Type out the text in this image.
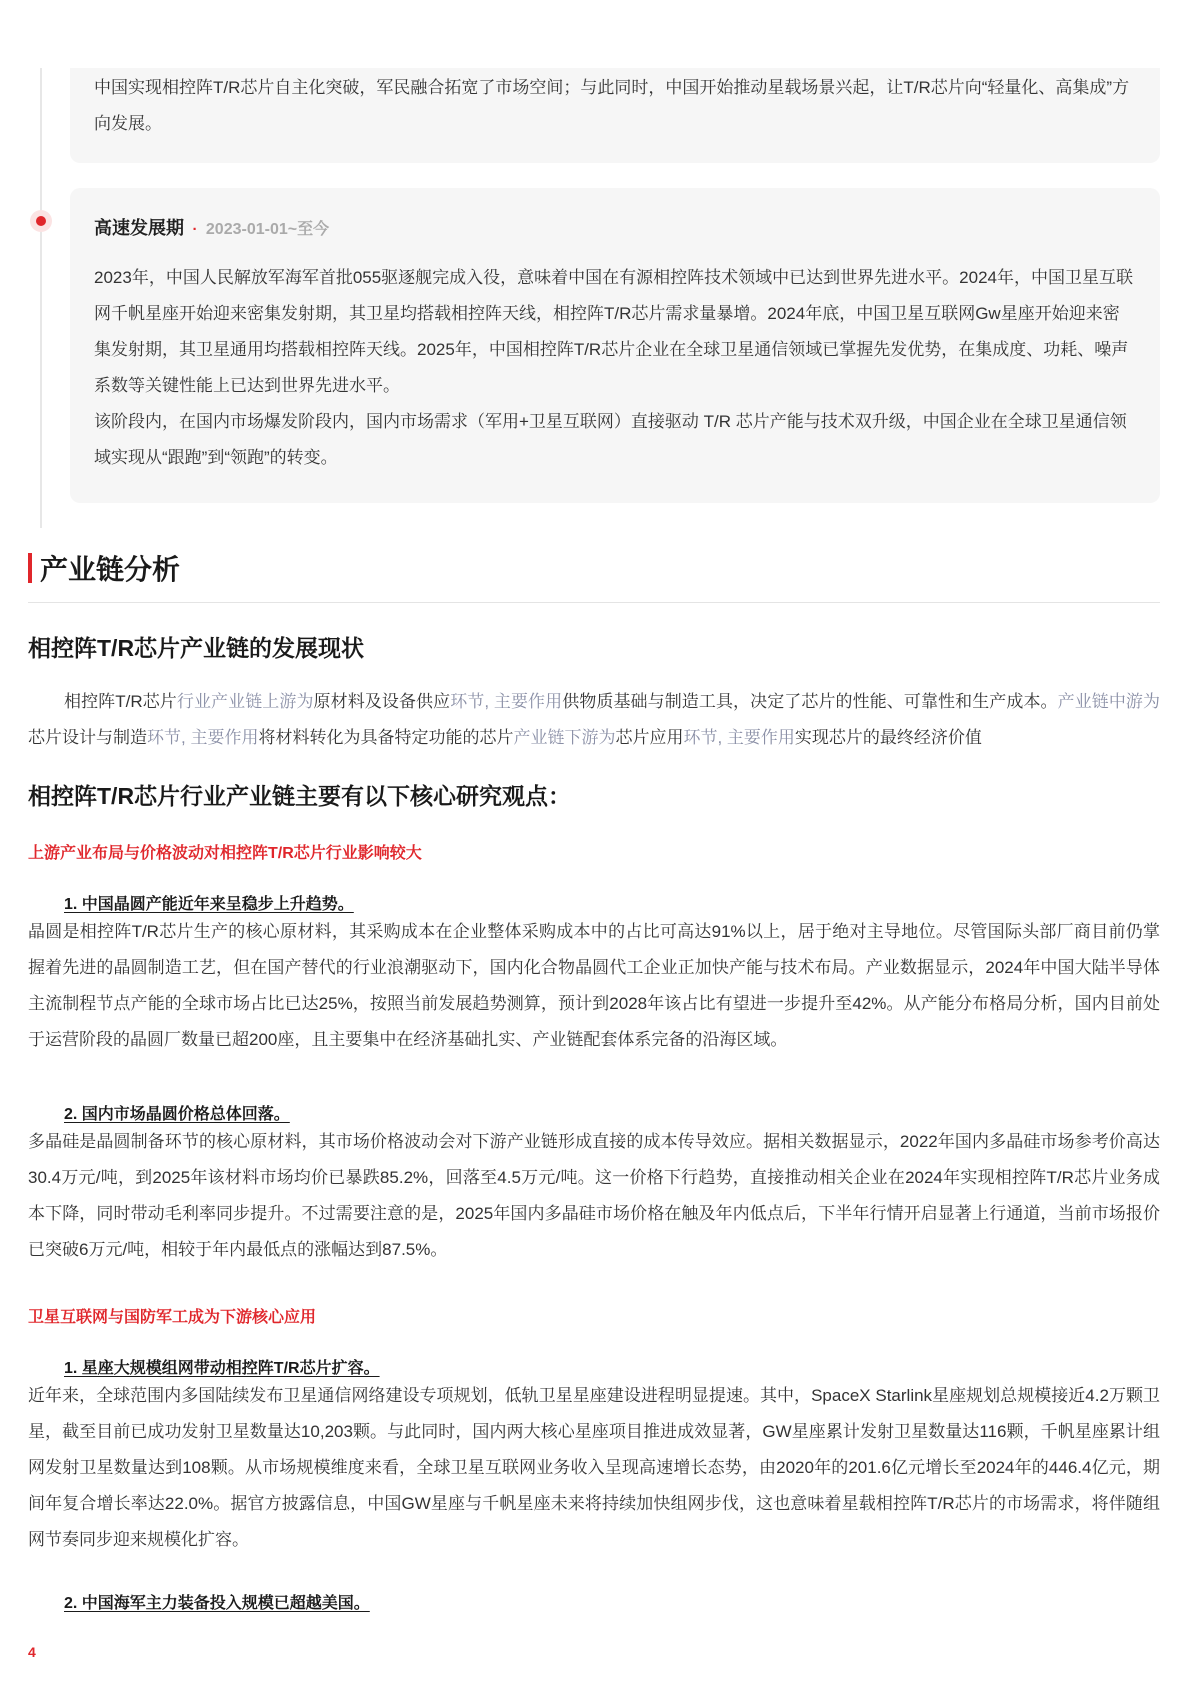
中国实现相控阵T/R芯片自主化突破，军民融合拓宽了市场空间；与此同时，中国开始推动星载场景兴起，让T/R芯片向“轻量化、高集成”方向发展。

高速发展期 · 2023-01-01~至今

2023年，中国人民解放军海军首批055驱逐舰完成入役，意味着中国在有源相控阵技术领域中已达到世界先进水平。2024年，中国卫星互联网千帆星座开始迎来密集发射期，其卫星均搭载相控阵天线，相控阵T/R芯片需求量暴增。2024年底，中国卫星互联网Gw星座开始迎来密集发射期，其卫星通用均搭载相控阵天线。2025年，中国相控阵T/R芯片企业在全球卫星通信领域已掌握先发优势，在集成度、功耗、噪声系数等关键性能上已达到世界先进水平。

该阶段内，在国内市场爆发阶段内，国内市场需求（军用+卫星互联网）直接驱动 T/R 芯片产能与技术双升级，中国企业在全球卫星通信领域实现从“跟跑”到“领跑”的转变。

产业链分析
相控阵T/R芯片产业链的发展现状

相控阵T/R芯片行业产业链上游为原材料及设备供应环节, 主要作用供物质基础与制造工具，决定了芯片的性能、可靠性和生产成本。产业链中游为芯片设计与制造环节, 主要作用将材料转化为具备特定功能的芯片产业链下游为芯片应用环节, 主要作用实现芯片的最终经济价值

相控阵T/R芯片行业产业链主要有以下核心研究观点：
上游产业布局与价格波动对相控阵T/R芯片行业影响较大
1. 中国晶圆产能近年来呈稳步上升趋势。

晶圆是相控阵T/R芯片生产的核心原材料，其采购成本在企业整体采购成本中的占比可高达91%以上，居于绝对主导地位。尽管国际头部厂商目前仍掌握着先进的晶圆制造工艺，但在国产替代的行业浪潮驱动下，国内化合物晶圆代工企业正加快产能与技术布局。产业数据显示，2024年中国大陆半导体主流制程节点产能的全球市场占比已达25%，按照当前发展趋势测算，预计到2028年该占比有望进一步提升至42%。从产能分布格局分析，国内目前处于运营阶段的晶圆厂数量已超200座，且主要集中在经济基础扎实、产业链配套体系完备的沿海区域。

2. 国内市场晶圆价格总体回落。

多晶硅是晶圆制备环节的核心原材料，其市场价格波动会对下游产业链形成直接的成本传导效应。据相关数据显示，2022年国内多晶硅市场参考价高达30.4万元/吨，到2025年该材料市场均价已暴跌85.2%，回落至4.5万元/吨。这一价格下行趋势，直接推动相关企业在2024年实现相控阵T/R芯片业务成本下降，同时带动毛利率同步提升。不过需要注意的是，2025年国内多晶硅市场价格在触及年内低点后，下半年行情开启显著上行通道，当前市场报价已突破6万元/吨，相较于年内最低点的涨幅达到87.5%。

卫星互联网与国防军工成为下游核心应用
1. 星座大规模组网带动相控阵T/R芯片扩容。

近年来，全球范围内多国陆续发布卫星通信网络建设专项规划，低轨卫星星座建设进程明显提速。其中，SpaceX Starlink星座规划总规模接近4.2万颗卫星，截至目前已成功发射卫星数量达10,203颗。与此同时，国内两大核心星座项目推进成效显著，GW星座累计发射卫星数量达116颗，千帆星座累计组网发射卫星数量达到108颗。从市场规模维度来看，全球卫星互联网业务收入呈现高速增长态势，由2020年的201.6亿元增长至2024年的446.4亿元，期间年复合增长率达22.0%。据官方披露信息，中国GW星座与千帆星座未来将持续加快组网步伐，这也意味着星载相控阵T/R芯片的市场需求，将伴随组网节奏同步迎来规模化扩容。

2. 中国海军主力装备投入规模已超越美国。
4
